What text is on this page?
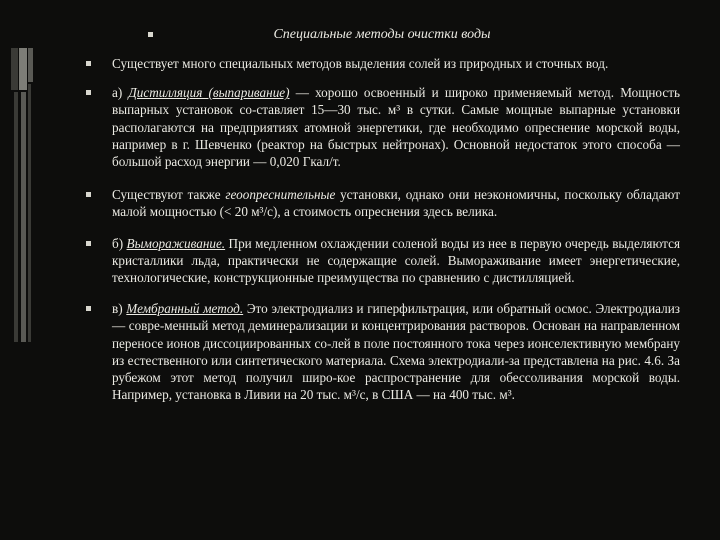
Специальные методы очистки воды
Существует много специальных методов выделения солей из природных и сточных вод.
а) Дистилляция (выпаривание) — хорошо освоенный и широко применяемый метод. Мощность выпарных установок со-ставляет 15—30 тыс. м³ в сутки. Самые мощные выпарные установки располагаются на предприятиях атомной энергетики, где необходимо опреснение морской воды, например в г. Шевченко (реактор на быстрых нейтронах). Основной недостаток этого способа — большой расход энергии — 0,020 Гкал/т.
Существуют также геоопреснительные установки, однако они неэкономичны, поскольку обладают малой мощностью (< 20 м³/с), а стоимость опреснения здесь велика.
б) Вымораживание. При медленном охлаждении соленой воды из нее в первую очередь выделяются кристаллики льда, практически не содержащие солей. Вымораживание имеет энергетические, технологические, конструкционные преимущества по сравнению с дистилляцией.
в) Мембранный метод. Это электродиализ и гиперфильтрация, или обратный осмос. Электродиализ — совре-менный метод деминерализации и концентрирования растворов. Основан на направленном переносе ионов диссоциированных со-лей в поле постоянного тока через ионселективную мембрану из естественного или синтетического материала. Схема электродиали-за представлена на рис. 4.6. За рубежом этот метод получил широ-кое распространение для обессоливания морской воды. Например, установка в Ливии на 20 тыс. м³/с, в США — на 400 тыс. м³.
